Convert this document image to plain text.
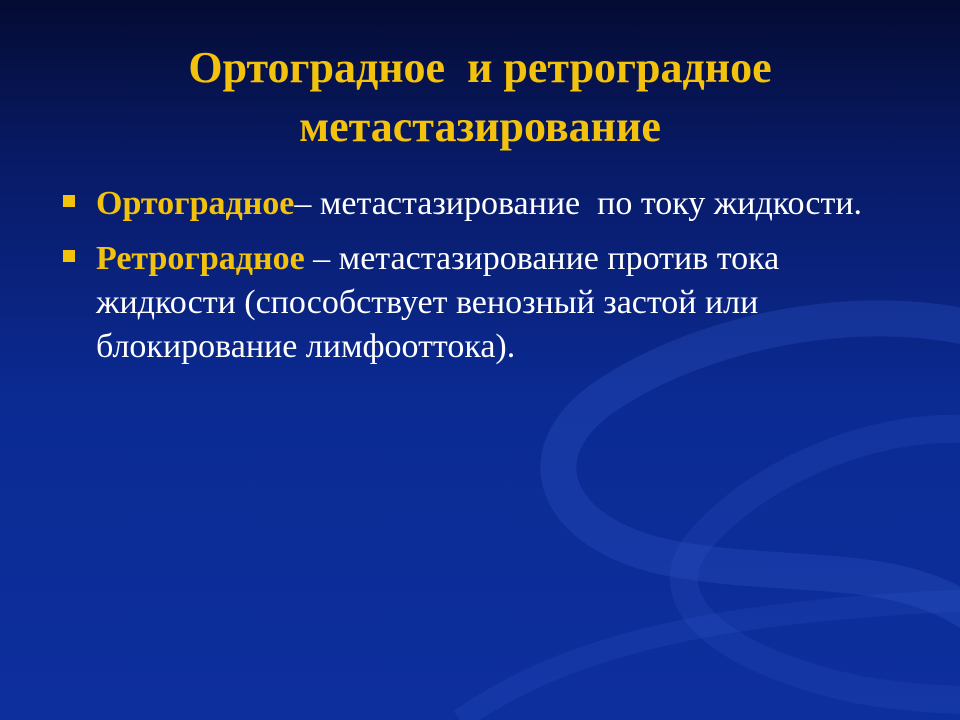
Ортоградное  и ретроградное
метастазирование
Ортоградное– метастазирование  по току жидкости.
Ретроградное – метастазирование против тока жидкости (способствует венозный застой или блокирование лимфооттока).
